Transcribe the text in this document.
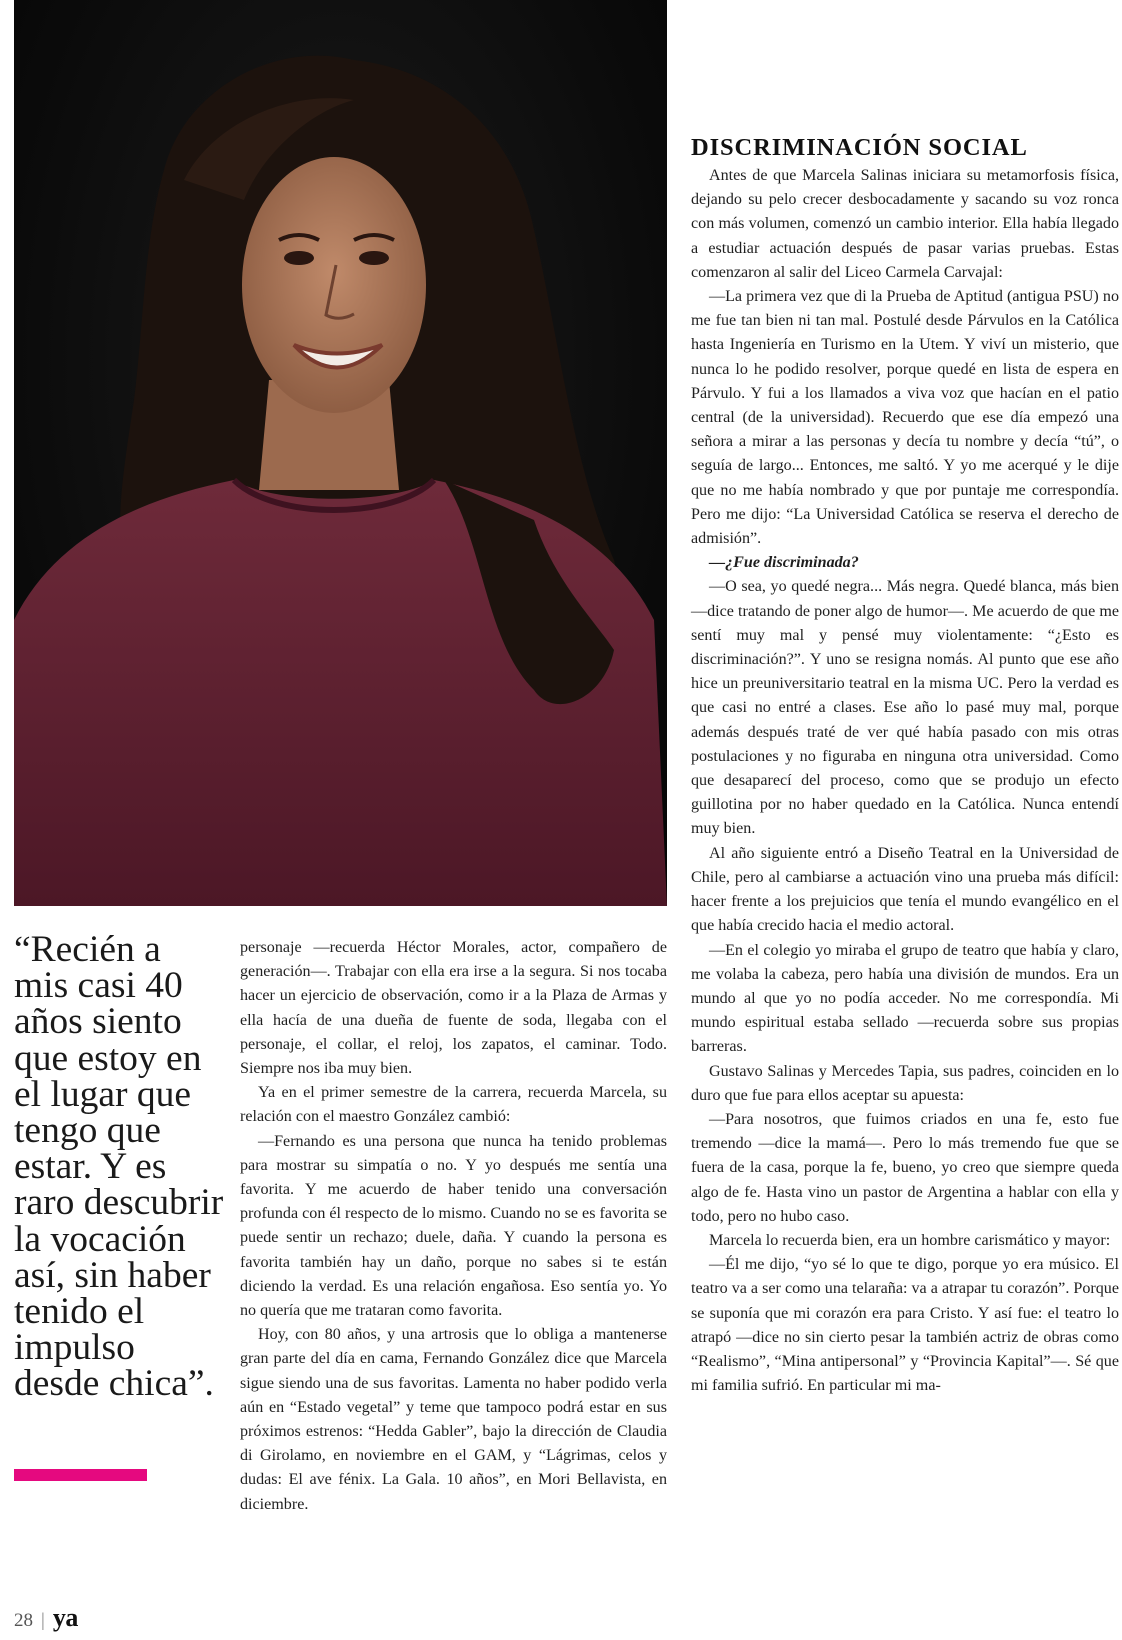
“Recién a mis casi 40 años siento que estoy en el lugar que tengo que estar. Y es raro descubrir la vocación así, sin haber tenido el impulso desde chica”.

personaje —recuerda Héctor Morales, actor, compañero de generación—. Trabajar con ella era irse a la segura. Si nos tocaba hacer un ejercicio de observación, como ir a la Plaza de Armas y ella hacía de una dueña de fuente de soda, llegaba con el personaje, el collar, el reloj, los zapatos, el caminar. Todo. Siempre nos iba muy bien.

Ya en el primer semestre de la carrera, recuerda Marcela, su relación con el maestro González cambió:

—Fernando es una persona que nunca ha tenido problemas para mostrar su simpatía o no. Y yo después me sentía una favorita. Y me acuerdo de haber tenido una conversación profunda con él respecto de lo mismo. Cuando no se es favorita se puede sentir un rechazo; duele, daña. Y cuando la persona es favorita también hay un daño, porque no sabes si te están diciendo la verdad. Es una relación engañosa. Eso sentía yo. Yo no quería que me trataran como favorita.

Hoy, con 80 años, y una artrosis que lo obliga a mantenerse gran parte del día en cama, Fernando González dice que Marcela sigue siendo una de sus favoritas. Lamenta no haber podido verla aún en “Estado vegetal” y teme que tampoco podrá estar en sus próximos estrenos: “Hedda Gabler”, bajo la dirección de Claudia di Girolamo, en noviembre en el GAM, y “Lágrimas, celos y dudas: El ave fénix. La Gala. 10 años”, en Mori Bellavista, en diciembre.

DISCRIMINACIÓN SOCIAL

Antes de que Marcela Salinas iniciara su metamorfosis física, dejando su pelo crecer desbocadamente y sacando su voz ronca con más volumen, comenzó un cambio interior. Ella había llegado a estudiar actuación después de pasar varias pruebas. Estas comenzaron al salir del Liceo Carmela Carvajal:

—La primera vez que di la Prueba de Aptitud (antigua PSU) no me fue tan bien ni tan mal. Postulé desde Párvulos en la Católica hasta Ingeniería en Turismo en la Utem. Y viví un misterio, que nunca lo he podido resolver, porque quedé en lista de espera en Párvulo. Y fui a los llamados a viva voz que hacían en el patio central (de la universidad). Recuerdo que ese día empezó una señora a mirar a las personas y decía tu nombre y decía “tú”, o seguía de largo... Entonces, me saltó. Y yo me acerqué y le dije que no me había nombrado y que por puntaje me correspondía. Pero me dijo: “La Universidad Católica se reserva el derecho de admisión”.

—¿Fue discriminada?

—O sea, yo quedé negra... Más negra. Quedé blanca, más bien —dice tratando de poner algo de humor—. Me acuerdo de que me sentí muy mal y pensé muy violentamente: “¿Esto es discriminación?”. Y uno se resigna nomás. Al punto que ese año hice un preuniversitario teatral en la misma UC. Pero la verdad es que casi no entré a clases. Ese año lo pasé muy mal, porque además después traté de ver qué había pasado con mis otras postulaciones y no figuraba en ninguna otra universidad. Como que desaparecí del proceso, como que se produjo un efecto guillotina por no haber quedado en la Católica. Nunca entendí muy bien.

Al año siguiente entró a Diseño Teatral en la Universidad de Chile, pero al cambiarse a actuación vino una prueba más difícil: hacer frente a los prejuicios que tenía el mundo evangélico en el que había crecido hacia el medio actoral.

—En el colegio yo miraba el grupo de teatro que había y claro, me volaba la cabeza, pero había una división de mundos. Era un mundo al que yo no podía acceder. No me correspondía. Mi mundo espiritual estaba sellado —recuerda sobre sus propias barreras.

Gustavo Salinas y Mercedes Tapia, sus padres, coinciden en lo duro que fue para ellos aceptar su apuesta:

—Para nosotros, que fuimos criados en una fe, esto fue tremendo —dice la mamá—. Pero lo más tremendo fue que se fuera de la casa, porque la fe, bueno, yo creo que siempre queda algo de fe. Hasta vino un pastor de Argentina a hablar con ella y todo, pero no hubo caso.

Marcela lo recuerda bien, era un hombre carismático y mayor:

—Él me dijo, “yo sé lo que te digo, porque yo era músico. El teatro va a ser como una telaraña: va a atrapar tu corazón”. Porque se suponía que mi corazón era para Cristo. Y así fue: el teatro lo atrapó —dice no sin cierto pesar la también actriz de obras como “Realismo”, “Mina antipersonal” y “Provincia Kapital”—. Sé que mi familia sufrió. En particular mi ma-

28 | ya
